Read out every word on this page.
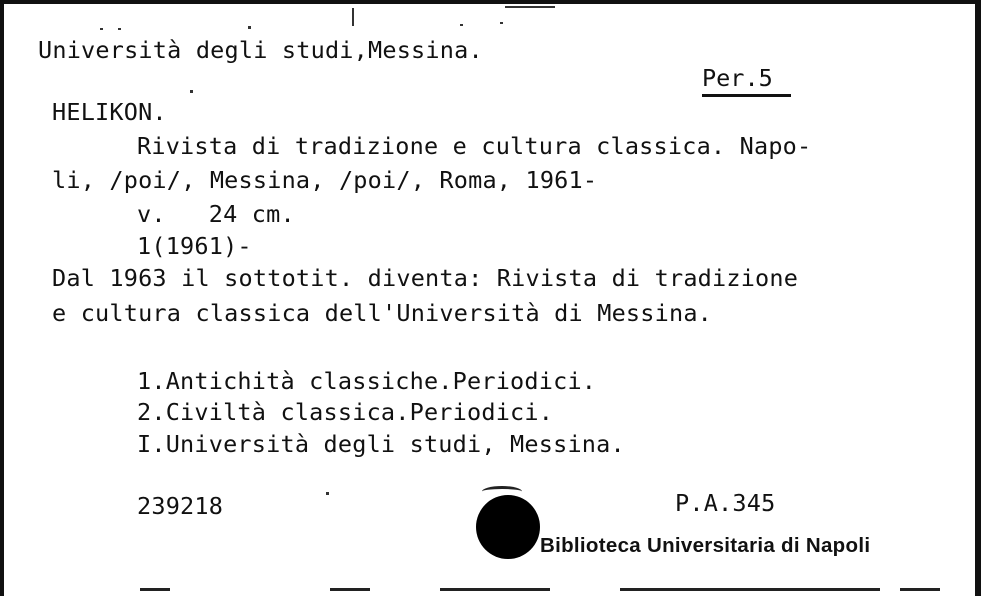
Università degli studi,Messina.
Per.5
HELIKON.
Rivista di tradizione e cultura classica. Napo-
li, /poi/, Messina, /poi/, Roma, 1961-
v.   24 cm.
1(1961)-
Dal 1963 il sottotit. diventa: Rivista di tradizione
e cultura classica dell'Università di Messina.
1.Antichità classiche.Periodici.
2.Civiltà classica.Periodici.
I.Università degli studi, Messina.
239218	P.A.345
Biblioteca Universitaria di Napoli
